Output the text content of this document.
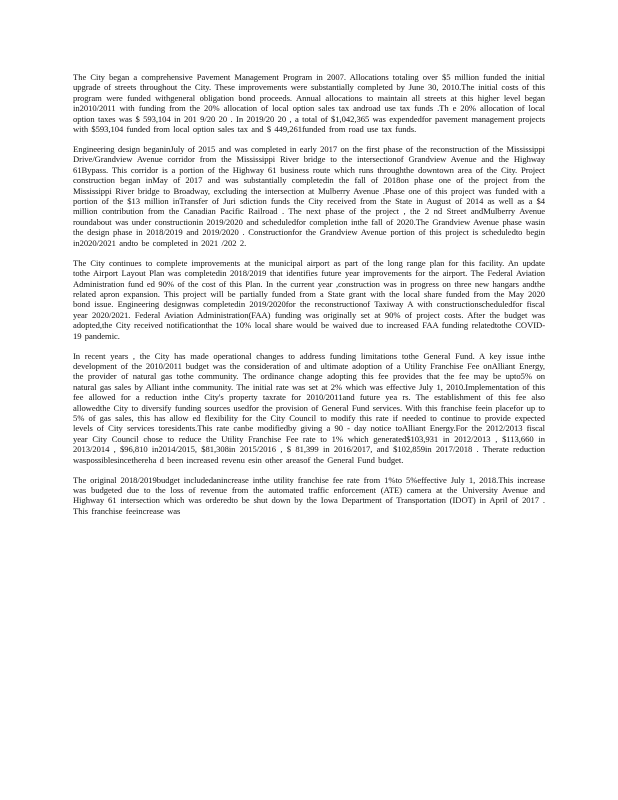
The City began a comprehensive Pavement Management Program in 2007. Allocations totaling over $5 million funded the initial upgrade of streets throughout the City. These improvements were substantially completed by June 30, 2010.The initial costs of this program were funded withgeneral obligation bond proceeds. Annual allocations to maintain all streets at this higher level began in2010/2011 with funding from the 20% allocation of local option sales tax androad use tax funds .Th e 20% allocation of local option taxes was $ 593,104 in 201 9/20 20 . In 2019/20 20 , a total of $1,042,365 was expendedfor pavement management projects with $593,104 funded from local option sales tax and $ 449,261funded from road use tax funds.

Engineering design beganinJuly of 2015 and was completed in early 2017 on the first phase of the reconstruction of the Mississippi Drive/Grandview Avenue corridor from the Mississippi River bridge to the intersectionof Grandview Avenue and the Highway 61Bypass. This corridor is a portion of the Highway 61 business route which runs throughthe downtown area of the City. Project construction began inMay of 2017 and was substantially completedin the fall of 2018on phase one of the project from the Mississippi River bridge to Broadway, excluding the intersection at Mulberry Avenue .Phase one of this project was funded with a portion of the $13 million inTransfer of Juri sdiction funds the City received from the State in August of 2014 as well as a $4 million contribution from the Canadian Pacific Railroad . The next phase of the project , the 2 nd Street andMulberry Avenue roundabout was under constructionin 2019/2020 and scheduledfor completion inthe fall of 2020.The Grandview Avenue phase wasin the design phase in 2018/2019 and 2019/2020 . Constructionfor the Grandview Avenue portion of this project is scheduledto begin in2020/2021 andto be completed in 2021 /202 2.

The City continues to complete improvements at the municipal airport as part of the long range plan for this facility. An update tothe Airport Layout Plan was completedin 2018/2019 that identifies future year improvements for the airport. The Federal Aviation Administration fund ed 90% of the cost of this Plan. In the current year ,construction was in progress on three new hangars andthe related apron expansion. This project will be partially funded from a State grant with the local share funded from the May 2020 bond issue. Engineering designwas completedin 2019/2020for the reconstructionof Taxiway A with constructionscheduledfor fiscal year 2020/2021. Federal Aviation Administration(FAA) funding was originally set at 90% of project costs. After the budget was adopted,the City received notificationthat the 10% local share would be waived due to increased FAA funding relatedtothe COVID-19 pandemic.

In recent years , the City has made operational changes to address funding limitations tothe General Fund. A key issue inthe development of the 2010/2011 budget was the consideration of and ultimate adoption of a Utility Franchise Fee onAlliant Energy, the provider of natural gas tothe community. The ordinance change adopting this fee provides that the fee may be upto5% on natural gas sales by Alliant inthe community. The initial rate was set at 2% which was effective July 1, 2010.Implementation of this fee allowed for a reduction inthe City's property taxrate for 2010/2011and future yea rs. The establishment of this fee also allowedthe City to diversify funding sources usedfor the provision of General Fund services. With this franchise feein placefor up to 5% of gas sales, this has allow ed flexibility for the City Council to modify this rate if needed to continue to provide expected levels of City services toresidents.This rate canbe modifiedby giving a 90 - day notice toAlliant Energy.For the 2012/2013 fiscal year City Council chose to reduce the Utility Franchise Fee rate to 1% which generated$103,931 in 2012/2013 , $113,660 in 2013/2014 , $96,810 in2014/2015, $81,308in 2015/2016 , $ 81,399 in 2016/2017, and $102,859in 2017/2018 . Therate reduction waspossiblesincethereha d been increased revenu esin other areasof the General Fund budget.

The original 2018/2019budget includedanincrease inthe utility franchise fee rate from 1%to 5%effective July 1, 2018.This increase was budgeted due to the loss of revenue from the automated traffic enforcement (ATE) camera at the University Avenue and Highway 61 intersection which was orderedto be shut down by the Iowa Department of Transportation (IDOT) in April of 2017 . This franchise feeincrease was
